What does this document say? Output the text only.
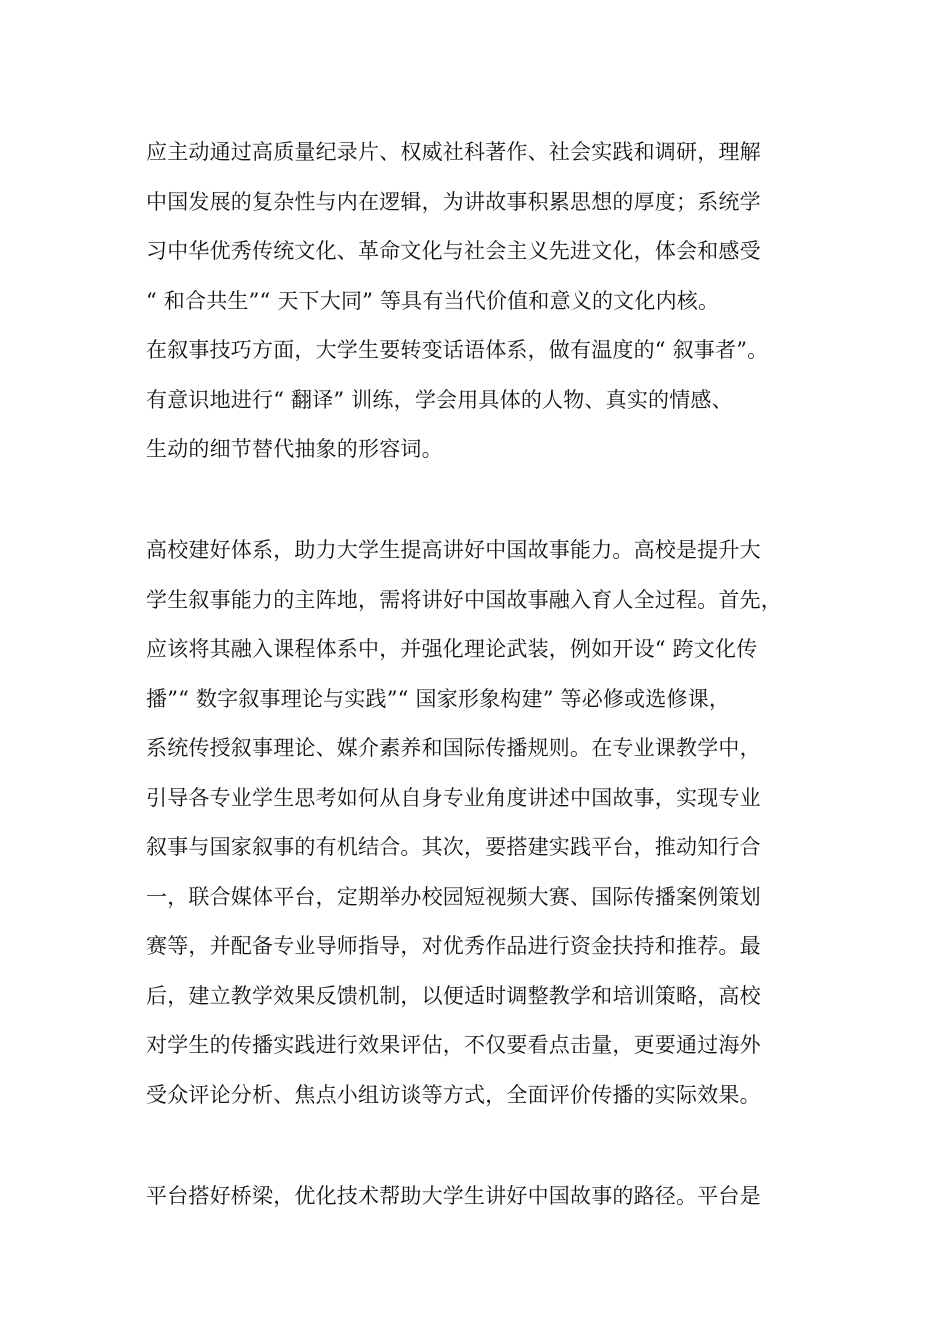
应主动通过高质量纪录片、权威社科著作、社会实践和调研，理解
中国发展的复杂性与内在逻辑，为讲故事积累思想的厚度；系统学
习中华优秀传统文化、革命文化与社会主义先进文化，体会和感受
“ 和合共生”“ 天下大同” 等具有当代价值和意义的文化内核。
在叙事技巧方面，大学生要转变话语体系，做有温度的“ 叙事者”。
有意识地进行“ 翻译” 训练，学会用具体的人物、真实的情感、
生动的细节替代抽象的形容词。
高校建好体系，助力大学生提高讲好中国故事能力。高校是提升大
学生叙事能力的主阵地，需将讲好中国故事融入育人全过程。首先，
应该将其融入课程体系中，并强化理论武装，例如开设“ 跨文化传
播”“ 数字叙事理论与实践”“ 国家形象构建” 等必修或选修课，
系统传授叙事理论、媒介素养和国际传播规则。在专业课教学中，
引导各专业学生思考如何从自身专业角度讲述中国故事，实现专业
叙事与国家叙事的有机结合。其次，要搭建实践平台，推动知行合
一，联合媒体平台，定期举办校园短视频大赛、国际传播案例策划
赛等，并配备专业导师指导，对优秀作品进行资金扶持和推荐。最
后，建立教学效果反馈机制，以便适时调整教学和培训策略，高校
对学生的传播实践进行效果评估，不仅要看点击量，更要通过海外
受众评论分析、焦点小组访谈等方式，全面评价传播的实际效果。
平台搭好桥梁，优化技术帮助大学生讲好中国故事的路径。平台是
